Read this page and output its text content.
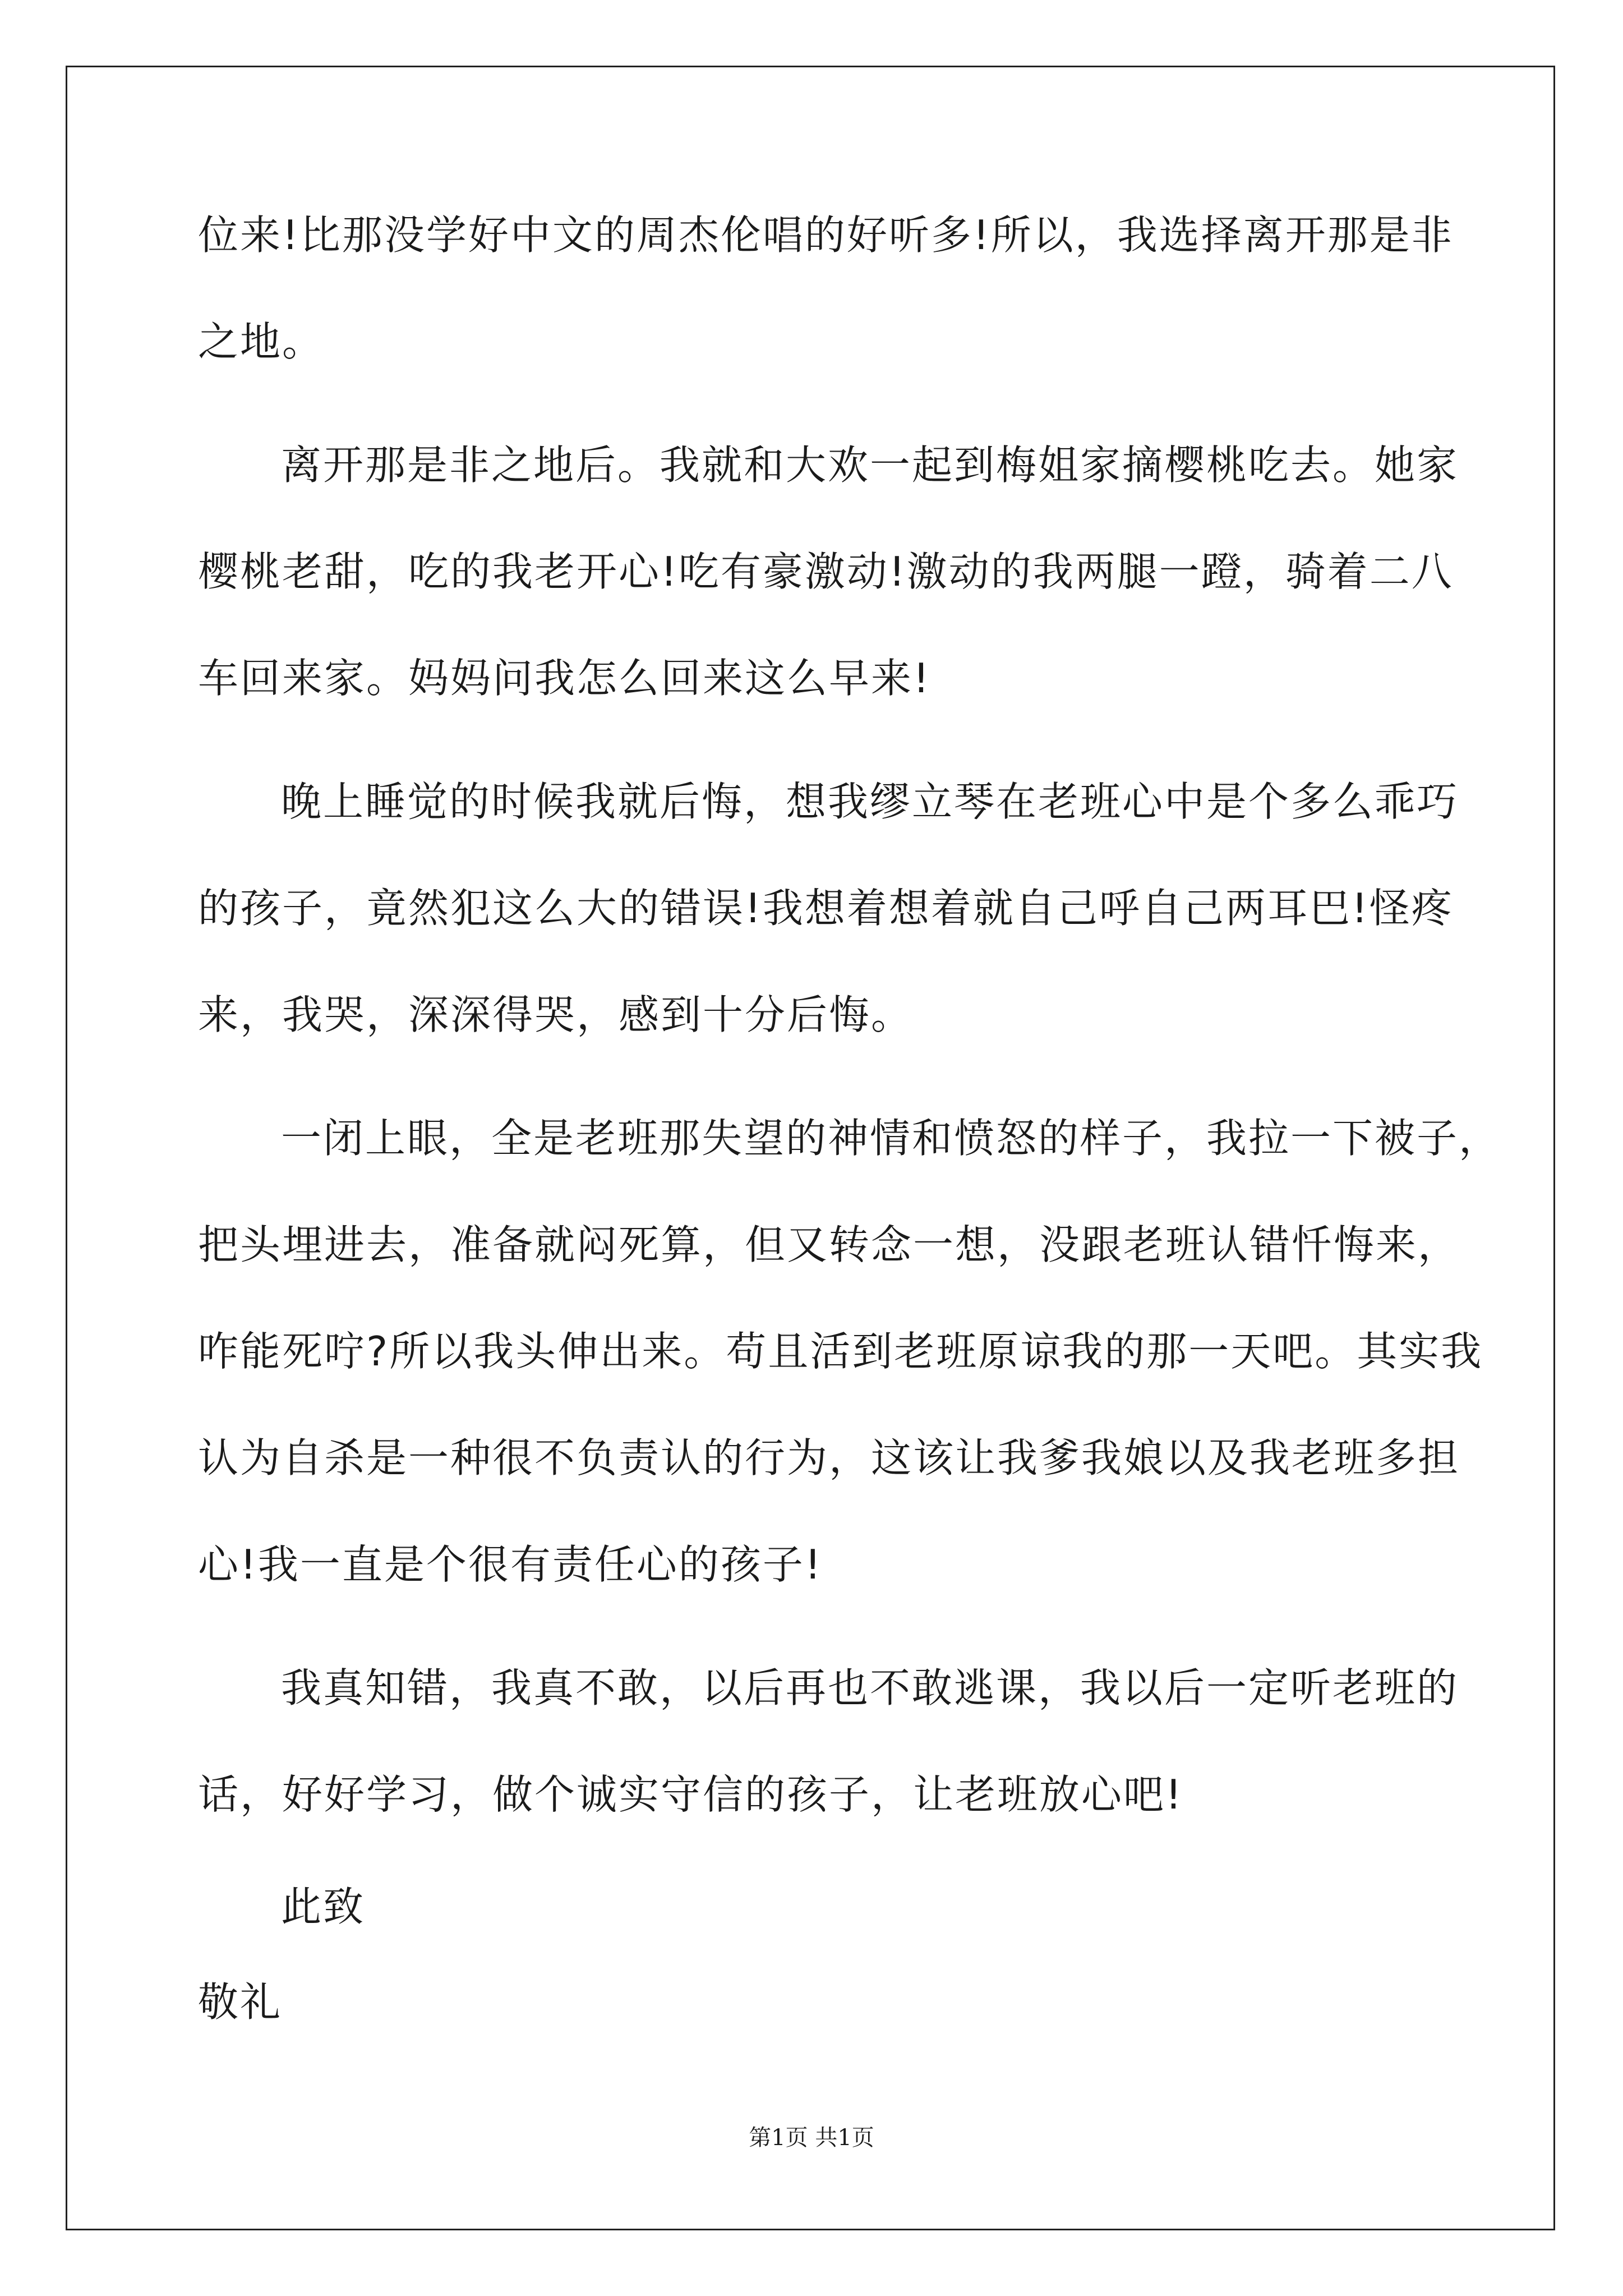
位来!比那没学好中文的周杰伦唱的好听多!所以，我选择离开那是非
之地。
离开那是非之地后。我就和大欢一起到梅姐家摘樱桃吃去。她家
樱桃老甜，吃的我老开心!吃有豪激动!激动的我两腿一蹬，骑着二八
车回来家。妈妈问我怎么回来这么早来!
晚上睡觉的时候我就后悔，想我缪立琴在老班心中是个多么乖巧
的孩子，竟然犯这么大的错误!我想着想着就自己呼自己两耳巴!怪疼
来，我哭，深深得哭，感到十分后悔。
一闭上眼，全是老班那失望的神情和愤怒的样子，我拉一下被子，
把头埋进去，准备就闷死算，但又转念一想，没跟老班认错忏悔来，
咋能死咛?所以我头伸出来。苟且活到老班原谅我的那一天吧。其实我
认为自杀是一种很不负责认的行为，这该让我爹我娘以及我老班多担
心!我一直是个很有责任心的孩子!
我真知错，我真不敢，以后再也不敢逃课，我以后一定听老班的
话，好好学习，做个诚实守信的孩子，让老班放心吧!
此致
敬礼
第1页 共1页
